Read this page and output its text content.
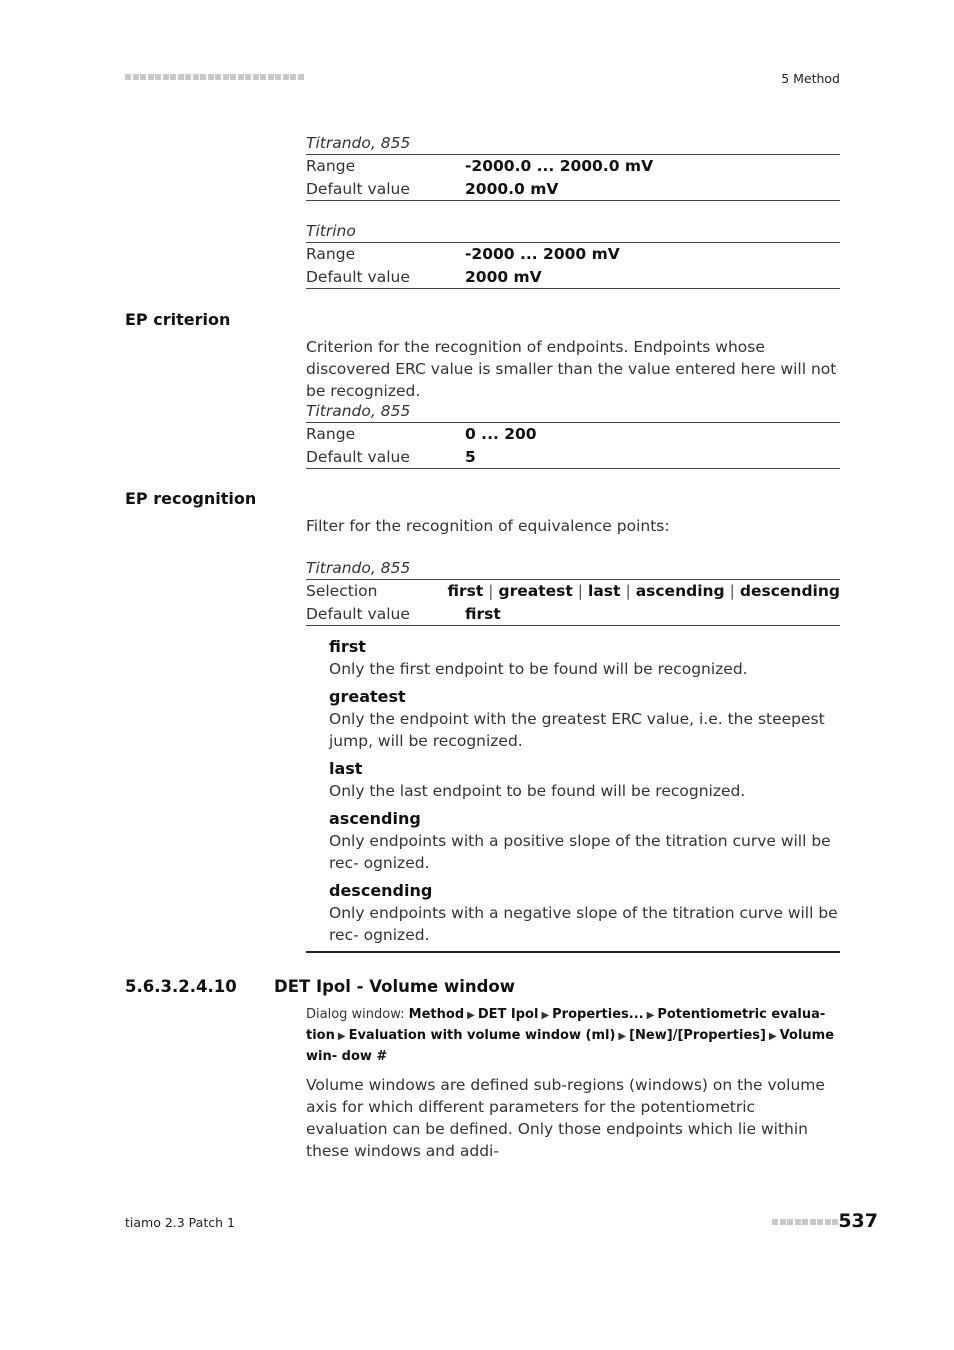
5 Method
Titrando, 855
Range	-2000.0 ... 2000.0 mV
Default value	2000.0 mV
Titrino
Range	-2000 ... 2000 mV
Default value	2000 mV
EP criterion
Criterion for the recognition of endpoints. Endpoints whose discovered ERC value is smaller than the value entered here will not be recognized.
Titrando, 855
Range	0 ... 200
Default value	5
EP recognition
Filter for the recognition of equivalence points:
Titrando, 855
Selection	first | greatest | last | ascending | descending
Default value	first
first
Only the first endpoint to be found will be recognized.
greatest
Only the endpoint with the greatest ERC value, i.e. the steepest jump, will be recognized.
last
Only the last endpoint to be found will be recognized.
ascending
Only endpoints with a positive slope of the titration curve will be rec- ognized.
descending
Only endpoints with a negative slope of the titration curve will be rec- ognized.
5.6.3.2.4.10 DET Ipol - Volume window
Dialog window: Method ▶ DET Ipol ▶ Properties... ▶ Potentiometric evalua- tion ▶ Evaluation with volume window (ml) ▶ [New]/[Properties] ▶ Volume win- dow #
Volume windows are defined sub-regions (windows) on the volume axis for which different parameters for the potentiometric evaluation can be defined. Only those endpoints which lie within these windows and addi-
tiamo 2.3 Patch 1	537
